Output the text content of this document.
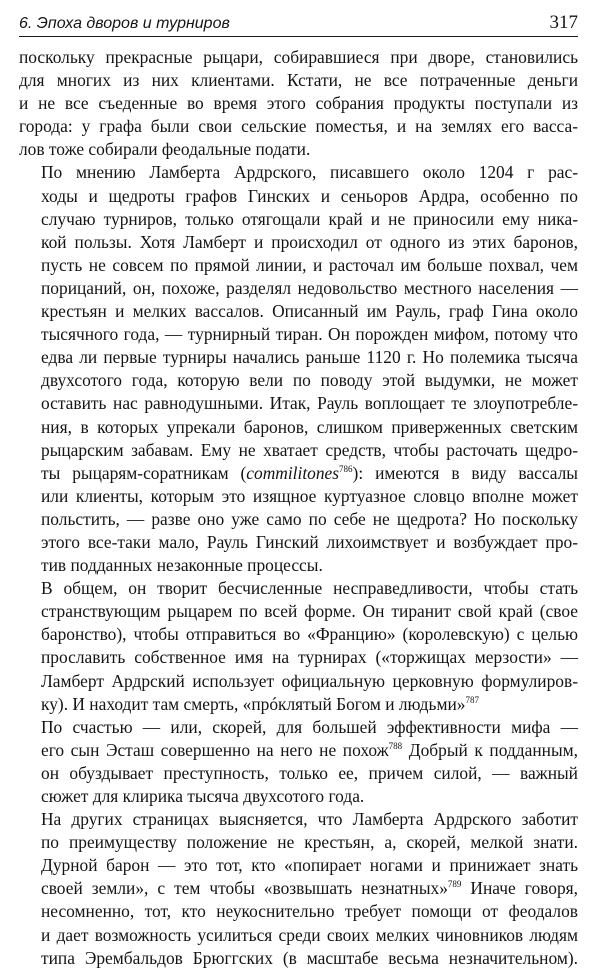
6. Эпоха дворов и турниров	317

поскольку прекрасные рыцари, собиравшиеся при дворе, становились
для многих из них клиентами. Кстати, не все потраченные деньги
и не все съеденные во время этого собрания продукты поступали из
города: у графа были свои сельские поместья, и на землях его васса-
лов тоже собирали феодальные подати.

По мнению Ламберта Ардрского, писавшего около 1204 г рас-
ходы и щедроты графов Гинских и сеньоров Ардра, особенно по
случаю турниров, только отягощали край и не приносили ему ника-
кой пользы. Хотя Ламберт и происходил от одного из этих баронов,
пусть не совсем по прямой линии, и расточал им больше похвал, чем
порицаний, он, похоже, разделял недовольство местного населения —
крестьян и мелких вассалов. Описанный им Рауль, граф Гина около
тысячного года, — турнирный тиран. Он порожден мифом, потому что
едва ли первые турниры начались раньше 1120 г. Но полемика тысяча
двухсотого года, которую вели по поводу этой выдумки, не может
оставить нас равнодушными. Итак, Рауль воплощает те злоупотребле-
ния, в которых упрекали баронов, слишком приверженных светским
рыцарским забавам. Ему не хватает средств, чтобы расточать щедро-
ты рыцарям-соратникам (commilitones$^{786}$): имеются в виду вассалы
или клиенты, которым это изящное куртуазное словцо вполне может
польстить, — разве оно уже само по себе не щедрота? Но поскольку
этого все-таки мало, Рауль Гинский лихоимствует и возбуждает про-
тив подданных незаконные процессы.

В общем, он творит бесчисленные несправедливости, чтобы стать
странствующим рыцарем по всей форме. Он тиранит свой край (свое
баронство), чтобы отправиться во «Францию» (королевскую) с целью
прославить собственное имя на турнирах («торжищах мерзости» —
Ламберт Ардрский использует официальную церковную формулиров-
ку). И находит там смерть, «прóклятый Богом и людьми»$^{787}$

По счастью — или, скорей, для большей эффективности мифа —
его сын Эсташ совершенно на него не похож$^{788}$ Добрый к подданным,
он обуздывает преступность, только ее, причем силой, — важный
сюжет для клирика тысяча двухсотого года.

На других страницах выясняется, что Ламберта Ардрского заботит
по преимуществу положение не крестьян, а, скорей, мелкой знати.
Дурной барон — это тот, кто «попирает ногами и принижает знать
своей земли», с тем чтобы «возвышать незнатных»$^{789}$ Иначе говоря,
несомненно, тот, кто неукоснительно требует помощи от феодалов
и дает возможность усилиться среди своих мелких чиновников людям
типа Эрембальдов Брюггских (в масштабе весьма незначительном).
